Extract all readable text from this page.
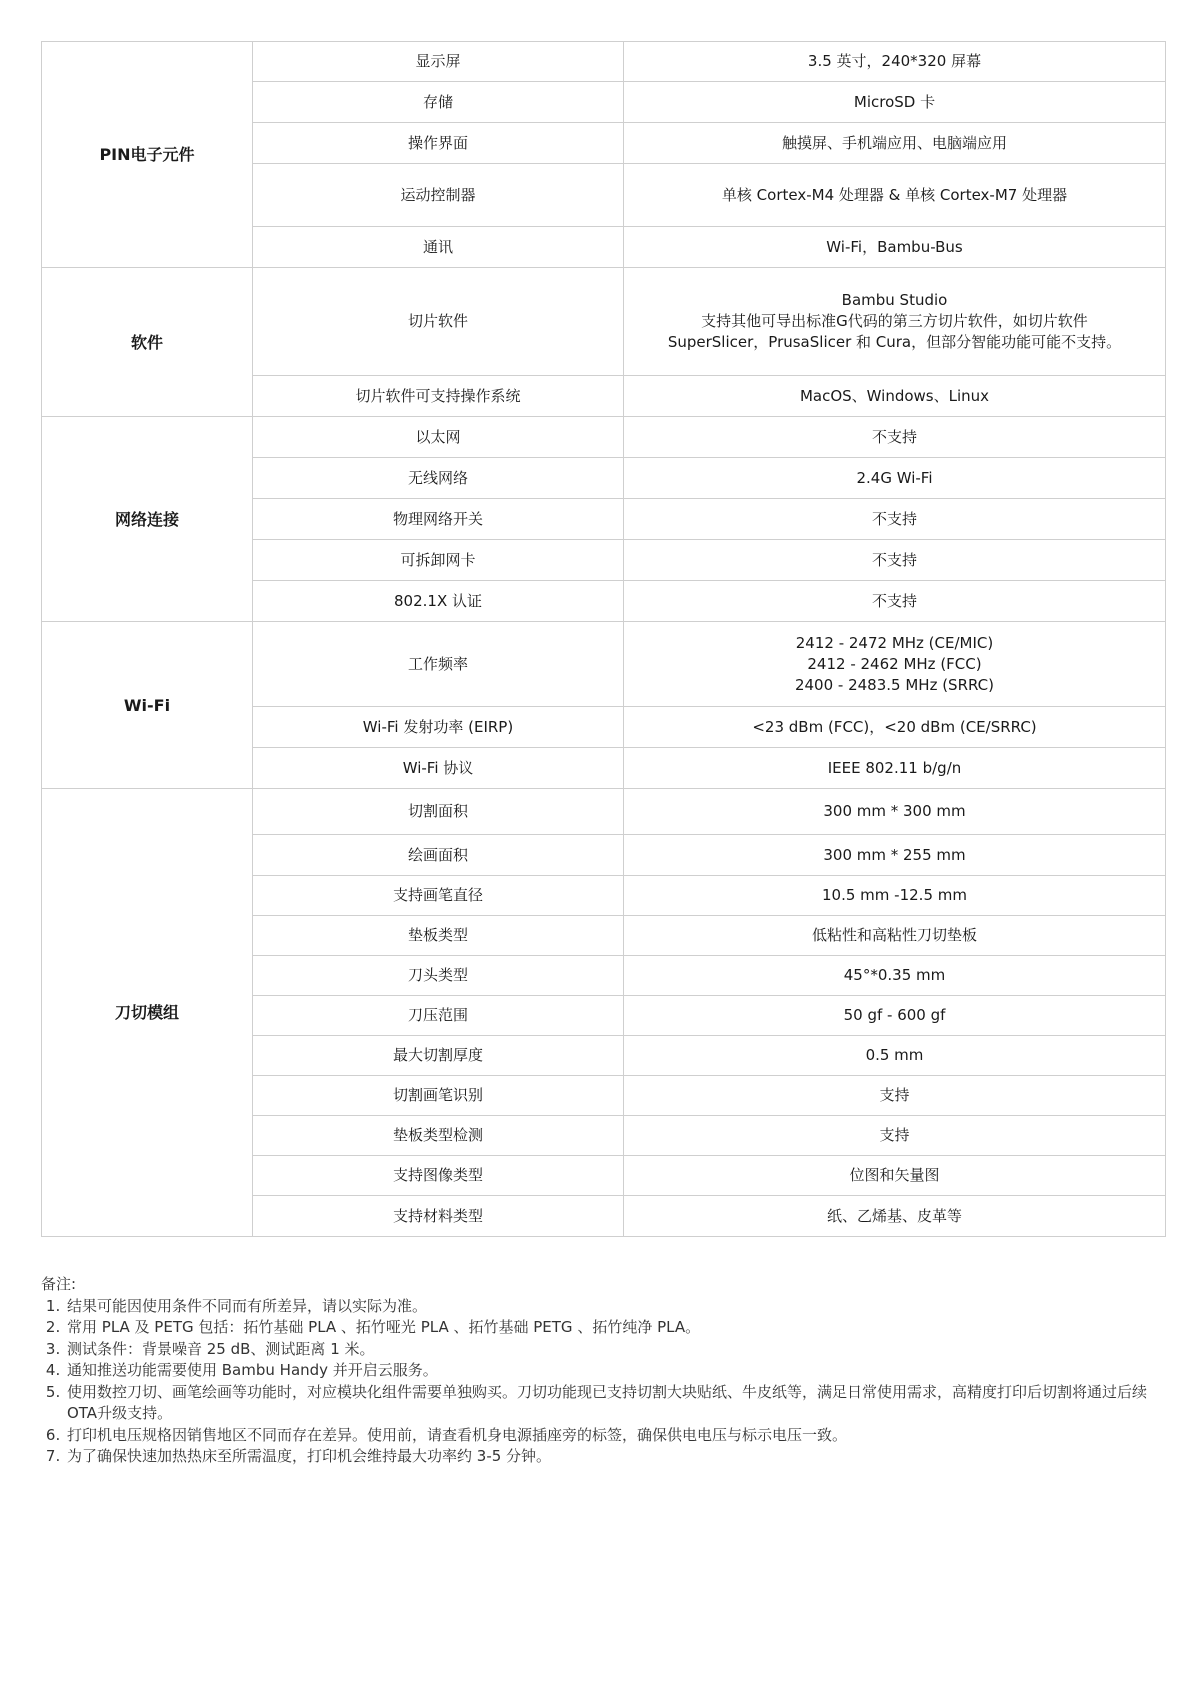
PIN电子元件	显示屏	3.5 英寸，240*320 屏幕

	存储	MicroSD 卡

	操作界面	触摸屏、手机端应用、电脑端应用

	运动控制器	单核 Cortex-M4 处理器 & 单核 Cortex-M7 处理器

	通讯	Wi-Fi，Bambu-Bus

软件	切片软件	Bambu Studio
支持其他可导出标准G代码的第三方切片软件，如切片软件
SuperSlicer，PrusaSlicer 和 Cura，但部分智能功能可能不支持。

	切片软件可支持操作系统	MacOS、Windows、Linux

网络连接	以太网	不支持

	无线网络	2.4G Wi-Fi

	物理网络开关	不支持

	可拆卸网卡	不支持

	802.1X 认证	不支持

Wi-Fi	工作频率	2412 - 2472 MHz (CE/MIC)
2412 - 2462 MHz (FCC)
2400 - 2483.5 MHz (SRRC)

	Wi-Fi 发射功率 (EIRP)	<23 dBm (FCC)，<20 dBm (CE/SRRC)

	Wi-Fi 协议	IEEE 802.11 b/g/n

刀切模组	切割面积	300 mm * 300 mm

	绘画面积	300 mm * 255 mm

	支持画笔直径	10.5 mm -12.5 mm

	垫板类型	低粘性和高粘性刀切垫板

	刀头类型	45°*0.35 mm

	刀压范围	50 gf - 600 gf

	最大切割厚度	0.5 mm

	切割画笔识别	支持

	垫板类型检测	支持

	支持图像类型	位图和矢量图

	支持材料类型	纸、乙烯基、皮革等
备注:
1. 结果可能因使用条件不同而有所差异，请以实际为准。
2. 常用 PLA 及 PETG 包括：拓竹基础 PLA 、拓竹哑光 PLA 、拓竹基础 PETG 、拓竹纯净 PLA。
3. 测试条件：背景噪音 25 dB、测试距离 1 米。
4. 通知推送功能需要使用 Bambu Handy 并开启云服务。
5. 使用数控刀切、画笔绘画等功能时，对应模块化组件需要单独购买。刀切功能现已支持切割大块贴纸、牛皮纸等，满足日常使用需求，高精度打印后切割将通过后续OTA升级支持。
6. 打印机电压规格因销售地区不同而存在差异。使用前，请查看机身电源插座旁的标签，确保供电电压与标示电压一致。
7. 为了确保快速加热热床至所需温度，打印机会维持最大功率约 3-5 分钟。
